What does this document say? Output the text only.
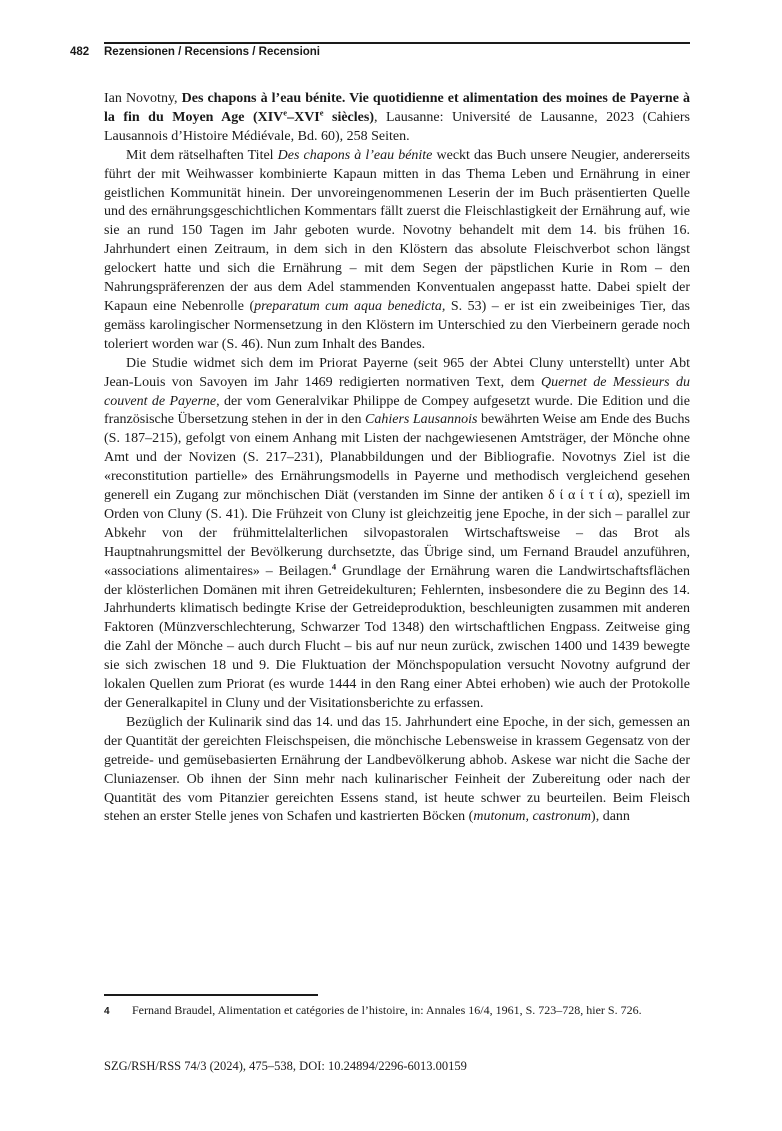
482 Rezensionen / Recensions / Recensioni

Ian Novotny, Des chapons à l’eau bénite. Vie quotidienne et alimentation des moines de Payerne à la fin du Moyen Age (XIVe–XVIe siècles), Lausanne: Université de Lausanne, 2023 (Cahiers Lausannois d’Histoire Médiévale, Bd. 60), 258 Seiten.

Mit dem rätselhaften Titel Des chapons à l’eau bénite weckt das Buch unsere Neugier, andererseits führt der mit Weihwasser kombinierte Kapaun mitten in das Thema Leben und Ernährung in einer geistlichen Kommunität hinein. Der unvoreingenommenen Leserin der im Buch präsentierten Quelle und des ernährungsgeschichtlichen Kommentars fällt zuerst die Fleischlastigkeit der Ernährung auf, wie sie an rund 150 Tagen im Jahr geboten wurde. Novotny behandelt mit dem 14. bis frühen 16. Jahrhundert einen Zeitraum, in dem sich in den Klöstern das absolute Fleischverbot schon längst gelockert hatte und sich die Ernährung – mit dem Segen der päpstlichen Kurie in Rom – den Nahrungspräferenzen der aus dem Adel stammenden Konventualen angepasst hatte. Dabei spielt der Kapaun eine Nebenrolle (preparatum cum aqua benedicta, S. 53) – er ist ein zweibeiniges Tier, das gemäss karolingischer Normensetzung in den Klöstern im Unterschied zu den Vierbeinern gerade noch toleriert worden war (S. 46). Nun zum Inhalt des Bandes.

Die Studie widmet sich dem im Priorat Payerne (seit 965 der Abtei Cluny unterstellt) unter Abt Jean-Louis von Savoyen im Jahr 1469 redigierten normativen Text, dem Quernet de Messieurs du couvent de Payerne, der vom Generalvikar Philippe de Compey aufgesetzt wurde. Die Edition und die französische Übersetzung stehen in der in den Cahiers Lausannois bewährten Weise am Ende des Buchs (S. 187–215), gefolgt von einem Anhang mit Listen der nachgewiesenen Amtsträger, der Mönche ohne Amt und der Novizen (S. 217–231), Planabbildungen und der Bibliografie. Novotnys Ziel ist die «reconstitution partielle» des Ernährungsmodells in Payerne und methodisch vergleichend gesehen generell ein Zugang zur mönchischen Diät (verstanden im Sinne der antiken δ ί α ί τ ί α), speziell im Orden von Cluny (S. 41). Die Frühzeit von Cluny ist gleichzeitig jene Epoche, in der sich – parallel zur Abkehr von der frühmittelalterlichen silvopastoralen Wirtschaftsweise – das Brot als Hauptnahrungsmittel der Bevölkerung durchsetzte, das Übrige sind, um Fernand Braudel anzuführen, «associations alimentaires» – Beilagen.$^4$ Grundlage der Ernährung waren die Landwirtschaftsflächen der klösterlichen Domänen mit ihren Getreidekulturen; Fehlernten, insbesondere die zu Beginn des 14. Jahrhunderts klimatisch bedingte Krise der Getreideproduktion, beschleunigten zusammen mit anderen Faktoren (Münzverschlechterung, Schwarzer Tod 1348) den wirtschaftlichen Engpass. Zeitweise ging die Zahl der Mönche – auch durch Flucht – bis auf nur neun zurück, zwischen 1400 und 1439 bewegte sie sich zwischen 18 und 9. Die Fluktuation der Mönchspopulation versucht Novotny aufgrund der lokalen Quellen zum Priorat (es wurde 1444 in den Rang einer Abtei erhoben) wie auch der Protokolle der Generalkapitel in Cluny und der Visitationsberichte zu erfassen.

Bezüglich der Kulinarik sind das 14. und das 15. Jahrhundert eine Epoche, in der sich, gemessen an der Quantität der gereichten Fleischspeisen, die mönchische Lebensweise in krassem Gegensatz von der getreide- und gemüsebasierten Ernährung der Landbevölkerung abhob. Askese war nicht die Sache der Cluniazenser. Ob ihnen der Sinn mehr nach kulinarischer Feinheit der Zubereitung oder nach der Quantität des vom Pitanzier gereichten Essens stand, ist heute schwer zu beurteilen. Beim Fleisch stehen an erster Stelle jenes von Schafen und kastrierten Böcken (mutonum, castronum), dann

4 Fernand Braudel, Alimentation et catégories de l’histoire, in: Annales 16/4, 1961, S. 723–728, hier S. 726.
SZG/RSH/RSS 74/3 (2024), 475–538, DOI: 10.24894/2296-6013.00159
